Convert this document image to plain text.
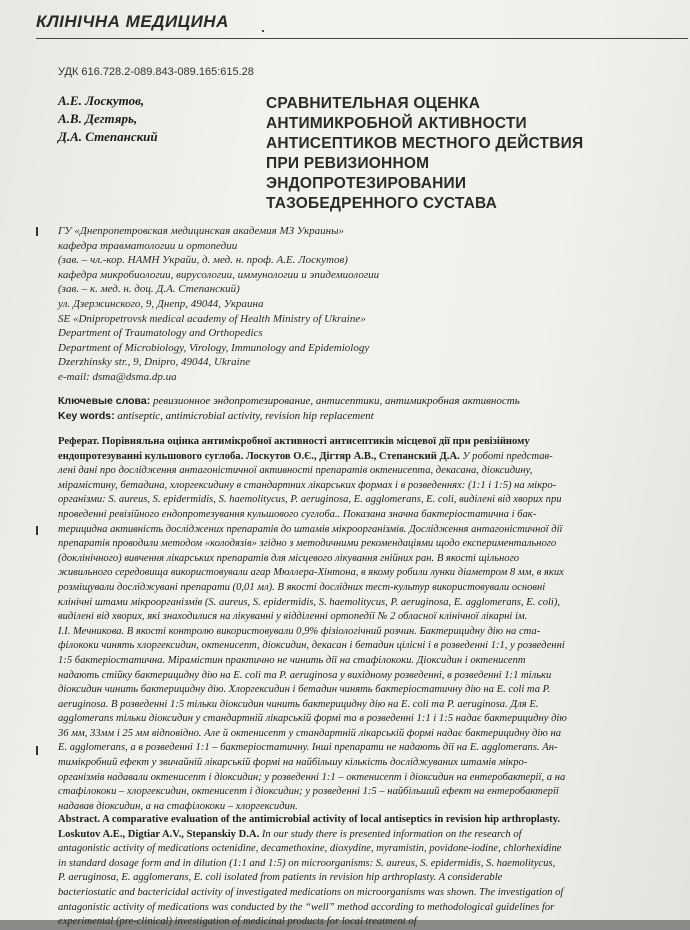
КЛІНІЧНА МЕДИЦИНА
УДК 616.728.2-089.843-089.165:615.28
А.Е. Лоскутов,
А.В. Дегтярь,
Д.А. Степанский
СРАВНИТЕЛЬНАЯ ОЦЕНКА
АНТИМИКРОБНОЙ АКТИВНОСТИ
АНТИСЕПТИКОВ МЕСТНОГО ДЕЙСТВИЯ
ПРИ РЕВИЗИОННОМ
ЭНДОПРОТЕЗИРОВАНИИ
ТАЗОБЕДРЕННОГО СУСТАВА
ГУ «Днепропетровская медицинская академия МЗ Украины»
кафедра травматологии и ортопедии
(зав. – чл.-кор. НАМН Украйи, д. мед. н. проф. А.Е. Лоскутов)
кафедра микробиологии, вирусологии, иммунологии и эпидемиологии
(зав. – к. мед. н. доц. Д.А. Степанский)
ул. Дзержинского, 9, Днепр, 49044, Украина
SE «Dnipropetrovsk medical academy of Health Ministry of Ukraine»
Department of Traumatology and Orthopedics
Department of Microbiology, Virology, Immunology and Epidemiology
Dzerzhinsky str., 9, Dnipro, 49044, Ukraine
e-mail: dsma@dsma.dp.ua
Ключевые слова: ревизионное эндопротезирование, антисептики, антимикробная активность
Key words: antiseptic, antimicrobial activity, revision hip replacement
Реферат. Порівняльна оцінка антимікробної активності антисептиків місцевої дії при ревізійному
ендопротезуванні кульшового суглоба. Лоскутов О.Є., Дігтяр А.В., Степанский Д.А. У роботі представ-
лені дані про дослідження антагоністичної активності препаратів октенисепта, декасана, діоксидину,
мірамістину, бетадина, хлоргексидину в стандартних лікарських формах і в розведеннях: (1:1 і 1:5) на мікро-
організми: S. aureus, S. epidermidis, S. haemolityсus, P. aeruginosa, E. agglomerans, E. coli, виділені від хворих при
проведенні ревізійного ендопротезування кульшового суглоба.. Показана значна бактеріостатична і бак-
терицидна активність досліджених препаратів до штамів мікроорганізмів. Дослідження антагоністичної дії
препаратів проводили методом «колодязів» згідно з методичними рекомендаціями щодо експериментального
(доклінічного) вивчення лікарських препаратів для місцевого лікування гнійних ран. В якості щільного
живильного середовища використовували агар Мюллера-Хінтона, в якому робили лунки діаметром 8 мм, в яких
розміщували досліджувані препарати (0,01 мл). В якості дослідних тест-культур використовували основні
клінічні штами мікроорганізмів (S. aureus, S. epidermidis, S. haemolitycus, P. aeruginosa, E. agglomerans, E. coli),
виділені від хворих, які знаходилися на лікуванні у відділенні ортопедії № 2 обласної клінічної лікарні ім.
І.І. Мечникова. В якості контролю використовували 0,9% фізіологічний розчин. Бактерицидну дію на ста-
філококи чинять хлоргексидин, октенисепт, діоксидин, декасан і бетадин цілісні і в розведенні 1:1, у розведенні
1:5 бактеріостатична. Мірамістин практично не чинить дії на стафілококи. Діоксидин і октенисепт
надають стійку бактерицидну дію на E. coli та P. aeruginosa у вихідному розведенні, в розведенні 1:1 тільки
діоксидин чинить бактерицидну дію. Хлоргексидин і бетадин чинять бактеріостатичну дію на E. coli та P.
aeruginosa. В розведенні 1:5 тільки діоксидин чинить бактерицидну дію на E. coli та P. aeruginosa. Для E.
agglomerans тільки діоксидин у стандартній лікарській формі та в розведенні 1:1 і 1:5 надає бактерицидну дію
36 мм, 33мм і 25 мм відповідно. Але й октенисепт у стандартній лікарській формі надає бактерицидну дію на
E. agglomerans, а в розведенні 1:1 – бактеріостатичну. Інші препарати не надають дії на E. agglomerans. Ан-
тимікробний ефект у звичайній лікарській формі на найбільшу кількість досліджуваних штамів мікро-
організмів надавали октенисепт і діоксидин; у розведенні 1:1 – октенисепт і діоксидин на ентеробактерії, а на
стафілококи – хлоргексидин, октенисепт і діоксидин; у розведенні 1:5 – найбільший ефект на ентеробактерії
надавав діоксидин, а на стафілококи – хлоргексидин.
Abstract. A comparative evaluation of the antimicrobial activity of local antiseptics in revision hip arthroplasty.
Loskutov A.E., Digtiar A.V., Stepanskiy D.A. In our study there is presented information on the research of
antagonistic activity of medications octenidine, decamethoxine, dioxydine, myramistin, povidone-iodine, chlorhexidine
in standard dosage form and in dilution (1:1 and 1:5) on microorganisms: S. aureus, S. epidermidis, S. haemolitycus,
P. aeruginosa, E. agglomerans, E. coli isolated from patients in revision hip arthroplasty. A considerable
bacteriostatic and bactericidal activity of investigated medications on microorganisms was shown. The investigation of
antagonistic activity of medications was conducted by the “well” method according to methodological guidelines for
experimental (pre-clinical) investigation of medicinal products for local treatment of
